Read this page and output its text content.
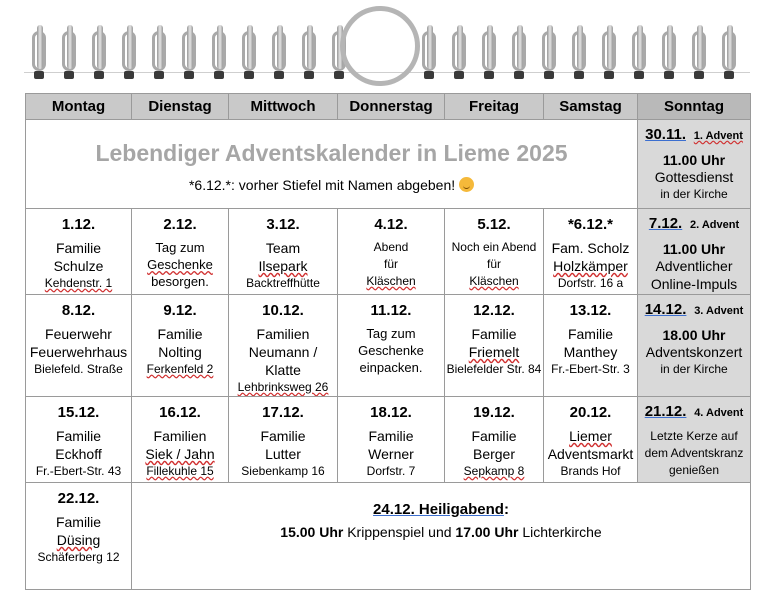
Montag	Dienstag	Mittwoch	Donnerstag	Freitag	Samstag	Sonntag

Lebendiger Adventskalender in Lieme 2025
*6.12.*: vorher Stiefel mit Namen abgeben!						30.11. 1. Advent
11.00 Uhr
Gottesdienst
in der Kirche

1.12.
Familie
Schulze
Kehdenstr. 1	2.12.
Tag zum
Geschenke
besorgen.	3.12.
Team
Ilsepark
Backtreffhütte	4.12.
Abend
für
Kläschen	5.12.
Noch ein Abend
für
Kläschen	*6.12.*
Fam. Scholz
Holzkämper
Dorfstr. 16 a	7.12. 2. Advent
11.00 Uhr
Adventlicher
Online-Impuls

8.12.
Feuerwehr
Feuerwehrhaus
Bielefeld. Straße	9.12.
Familie
Nolting
Ferkenfeld 2	10.12.
Familien
Neumann / Klatte
Lehbrinksweg 26	11.12.
Tag zum
Geschenke
einpacken.	12.12.
Familie
Friemelt
Bielefelder Str. 84	13.12.
Familie
Manthey
Fr.-Ebert-Str. 3	14.12. 3. Advent
18.00 Uhr
Adventskonzert
in der Kirche

15.12.
Familie
Eckhoff
Fr.-Ebert-Str. 43	16.12.
Familien
Siek / Jahn
Fillekuhle 15	17.12.
Familie
Lutter
Siebenkamp 16	18.12.
Familie
Werner
Dorfstr. 7	19.12.
Familie
Berger
Sepkamp 8	20.12.
Liemer
Adventsmarkt
Brands Hof	21.12. 4. Advent
Letzte Kerze auf
dem Adventskranz
genießen

22.12.
Familie
Düsing
Schäferberg 12	24.12. Heiligabend:
15.00 Uhr Krippenspiel und 17.00 Uhr Lichterkirche					
